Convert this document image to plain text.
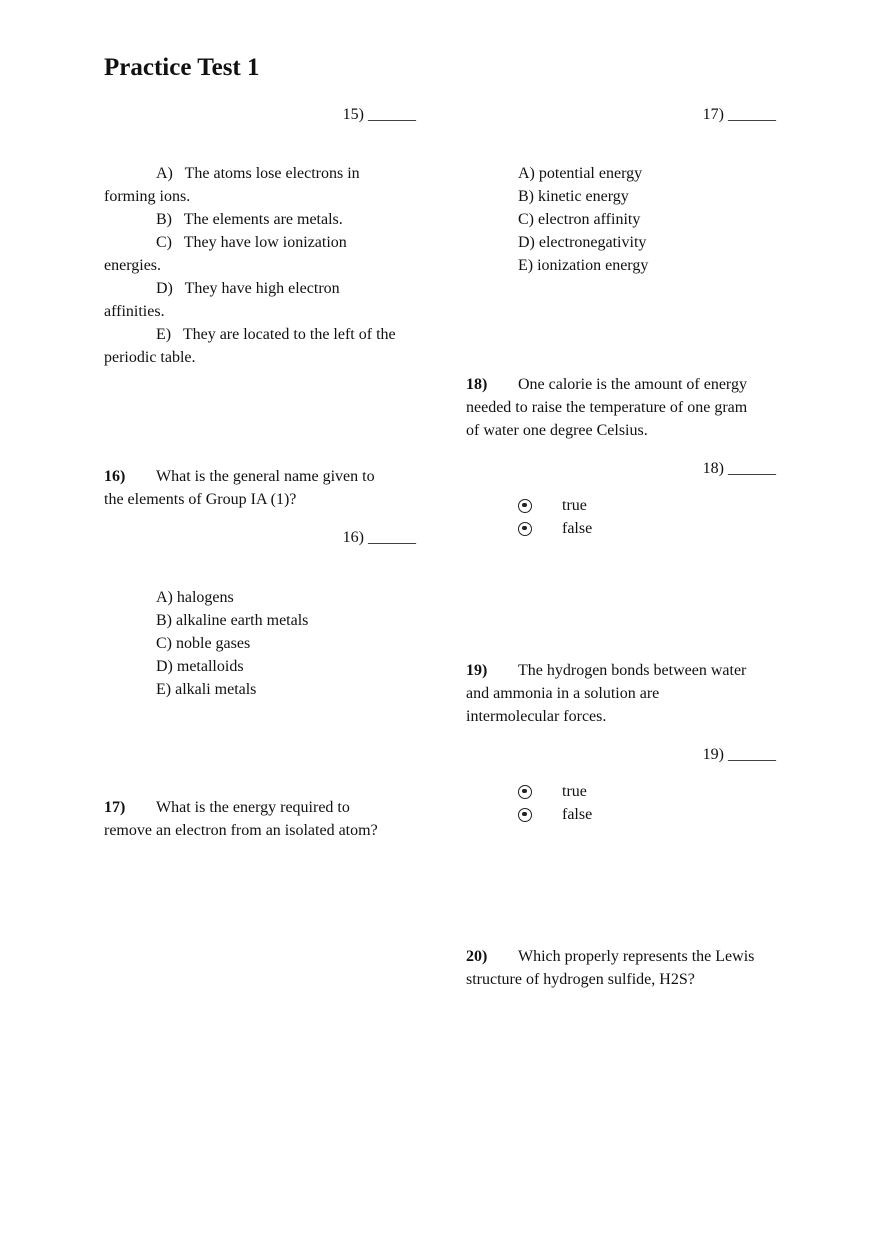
Practice Test 1
15) ______
A) The atoms lose electrons in
forming ions.
B) The elements are metals.
C) They have low ionization
energies.
D) They have high electron
affinities.
E) They are located to the left of the
periodic table.
16) What is the general name given to
the elements of Group IA (1)?
16) ______
A) halogens
B) alkaline earth metals
C) noble gases
D) metalloids
E) alkali metals
17) What is the energy required to
remove an electron from an isolated atom?
17) ______
A) potential energy
B) kinetic energy
C) electron affinity
D) electronegativity
E) ionization energy
18) One calorie is the amount of energy
needed to raise the temperature of one gram
of water one degree Celsius.
18) ______
true
false
19) The hydrogen bonds between water
and ammonia in a solution are
intermolecular forces.
19) ______
true
false
20) Which properly represents the Lewis
structure of hydrogen sulfide, H2S?
